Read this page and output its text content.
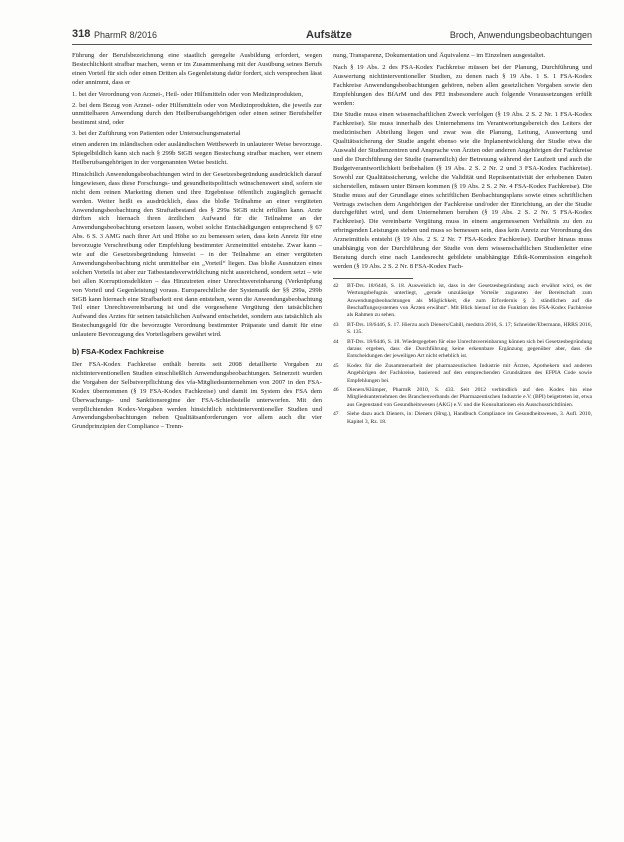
318 PharmR 8/2016	Aufsätze	Broch, Anwendungsbeobachtungen

Führung der Berufsbezeichnung eine staatlich geregelte Ausbildung erfordert, wegen Bestechlichkeit strafbar machen, wenn er im Zusammenhang mit der Ausübung seines Berufs einen Vorteil für sich oder einen Dritten als Gegenleistung dafür fordert, sich versprechen lässt oder annimmt, dass er

1. bei der Verordnung von Arznei-, Heil- oder Hilfsmitteln oder von Medizinprodukten,

2. bei dem Bezug von Arznei- oder Hilfsmitteln oder von Medizinprodukten, die jeweils zur unmittelbaren Anwendung durch den Heilberufsangehörigen oder einen seiner Berufshelfer bestimmt sind, oder

3. bei der Zuführung von Patienten oder Untersuchungsmaterial

einen anderen im inländischen oder ausländischen Wettbewerb in unlauterer Weise bevorzuge. Spiegelbildlich kann sich nach § 299b StGB wegen Bestechung strafbar machen, wer einem Heilberufsangehörigen in der vorgenannten Weise besticht.

Hinsichtlich Anwendungsbeobachtungen wird in der Gesetzesbegründung ausdrücklich darauf hingewiesen, dass diese Forschungs- und gesundheitspolitisch wünschenswert sind, sofern sie nicht dem reinen Marketing dienen und ihre Ergebnisse öffentlich zugänglich gemacht werden. Weiter heißt es ausdrücklich, dass die bloße Teilnahme an einer vergüteten Anwendungsbeobachtung den Straftatbestand des § 299a StGB nicht erfüllen kann. Arzte dürften sich hiernach ihren ärztlichen Aufwand für die Teilnahme an der Anwendungsbeobachtung ersetzen lassen, wobei solche Entschädigungen entsprechend § 67 Abs. 6 S. 3 AMG nach ihrer Art und Höhe so zu bemessen seien, dass kein Anreiz für eine bevorzugte Verschreibung oder Empfehlung bestimmter Arzneimittel entstehe. Zwar kann – wie auf die Gesetzesbegründung hinweist – in der Teilnahme an einer vergüteten Anwendungsbeobachtung nicht unmittelbar ein „Vorteil“ liegen. Das bloße Ausnutzen eines solchen Vorteils ist aber zur Tatbestandsverwirklichung nicht ausreichend, sondern setzt – wie bei allen Korruptionsdelikten – das Hinzutreten einer Unrechtsvereinbarung (Verknüpfung von Vorteil und Gegenleistung) voraus. Europarechtliche der Systematik der §§ 299a, 299b StGB kann hiernach eine Strafbarkeit erst dann entstehen, wenn die Anwendungsbeobachtung Teil einer Unrechtsvereinbarung ist und die vorgesehene Vergütung den tatsächlichen Aufwand des Arztes für seinen tatsächlichen Aufwand entscheidet, sondern aus tatsächlich als Bestechungsgeld für die bevorzugte Verordnung bestimmter Präparate und damit für eine unlautere Bevorzugung des Vorteilsgebers gewährt wird.

b) FSA-Kodex Fachkreise

Der FSA-Kodex Fachkreise enthält bereits seit 2008 detaillierte Vorgaben zu nichtinterventionellen Studien einschließlich Anwendungsbeobachtungen. Seinerzeit wurden die Vorgaben der Selbstverpflichtung des vfa-Mitgliedsunternehmen von 2007 in den FSA-Kodex übernommen (§ 19 FSA-Kodex Fachkreise) und damit im System des FSA dem Überwachungs- und Sanktionsregime der FSA-Schiedsstelle unterworfen. Mit den verpflichtenden Kodex-Vorgaben werden hinsichtlich nichtinterventioneller Studien und Anwendungsbeobachtungen neben Qualitätsanforderungen vor allem auch die vier Grundprinzipien der Compliance – Trenn-

nung, Transparenz, Dokumentation und Äquivalenz – im Einzelnen ausgestaltet.

Nach § 19 Abs. 2 des FSA-Kodex Fachkreise müssen bei der Planung, Durchführung und Auswertung nichtinterventioneller Studien, zu denen nach § 19 Abs. 1 S. 1 FSA-Kodex Fachkreise Anwendungsbeobachtungen gehören, neben allen gesetzlichen Vorgaben sowie den Empfehlungen des BfArM und des PEI insbesondere auch folgende Voraussetzungen erfüllt werden:

Die Studie muss einen wissenschaftlichen Zweck verfolgen (§ 19 Abs. 2 S. 2 Nr. 1 FSA-Kodex Fachkreise). Sie muss innerhalb des Unternehmens im Verantwortungsbereich des Leiters der medizinischen Abteilung liegen und zwar was die Planung, Leitung, Auswertung und Qualitätssicherung der Studie angeht ebenso wie die Inplanentwicklung der Studie etwa die Auswahl der Studienzentren und Ansprache von Ärzten oder anderen Angehörigen der Fachkreise und die Durchführung der Studie (namentlich) der Betreuung während der Laufzeit und auch die Budgetverantwortlichkeit beibehalten (§ 19 Abs. 2 S. 2 Nr. 2 und 3 FSA-Kodex Fachkreise). Sowohl zur Qualitätssicherung, welche die Validität und Repräsentativität der erhobenen Daten sicherstellen, müssen unter Binsen kommen (§ 19 Abs. 2 S. 2 Nr. 4 FSA-Kodex Fachkreise). Die Studie muss auf der Grundlage eines schriftlichen Beobachtungsplans sowie eines schriftlichen Vertrags zwischen dem Angehörigen der Fachkreise und/oder der Einrichtung, an der die Studie durchgeführt wird, und dem Unternehmen beruhen (§ 19 Abs. 2 S. 2 Nr. 5 FSA-Kodex Fachkreise). Die vereinbarte Vergütung muss in einem angemessenen Verhältnis zu den zu erbringenden Leistungen stehen und muss so bemessen sein, dass kein Anreiz zur Verordnung des Arzneimittels entsteht (§ 19 Abs. 2 S. 2 Nr. 7 FSA-Kodex Fachkreise). Darüber hinaus muss unabhängig von der Durchführung der Studie von dem wissenschaftlichen Studienleiter eine Beratung durch eine nach Landesrecht gebildete unabhängige Ethik-Kommission eingeholt werden (§ 19 Abs. 2 S. 2 Nr. 8 FSA-Kodex Fach-

42	BT-Drs. 18/6446, S. 18. Ausweislich ist, dass in der Gesetzesbegründung auch erwähnt wird, es der Wertungsbefugnis unterliegt, „gerade unzulässige Vorteile zugunsten der Bereitschaft zum Anwendungsbeobachtungen als Möglichkeit, die zum Erfordernis § 3 ständlichen auf die Beschaffungssystemen von Ärzten erwähnt“. Mit Blick hierauf ist die Funktion des FSA-Kodex Fachkreise als Rahmen zu sehen.
43	BT-Drs. 18/6446, S. 17. Hierzu auch Dieners/Cahill, medstra 2016, S. 17; Schneider/Ebermann, HRRS 2016, S. 135.
44	BT-Drs. 18/6446, S. 18. Wiedergegeben für eine Unrechtsvereinbarung können sich bei Gesetzesbegründung daraus ergeben, dass die Durchführung keine erkennbare Ergänzung gegenüber aber, dass die Entscheidungen der jeweiligen Art nicht erheblich ist.
45	Kodex für die Zusammenarbeit der pharmazeutischen Industrie mit Ärzten, Apothekern und anderen Angehörigen der Fachkreise, basierend auf den entsprechenden Grundsätzen des EFPIA Code sowie Empfehlungen bei.
46	Dieners/Klümper, PharmR 2010, S. 433. Seit 2012 verbindlich auf den Kodex hin eine Mitgliedsunternehmen des Branchenverbands der Pharmazeutischen Industrie e.V. (BPI) beigetreten ist, etwa aus Gegenstand von Gesundheitswesen (AKG) e.V. und die Konsultationen ein Ausschussrichtlinien.
47	Siehe dazu auch Dieners, in: Dieners (Hrsg.), Handbuch Compliance im Gesundheitswesen, 3. Aufl. 2010, Kapitel 3, Rz. 18.
